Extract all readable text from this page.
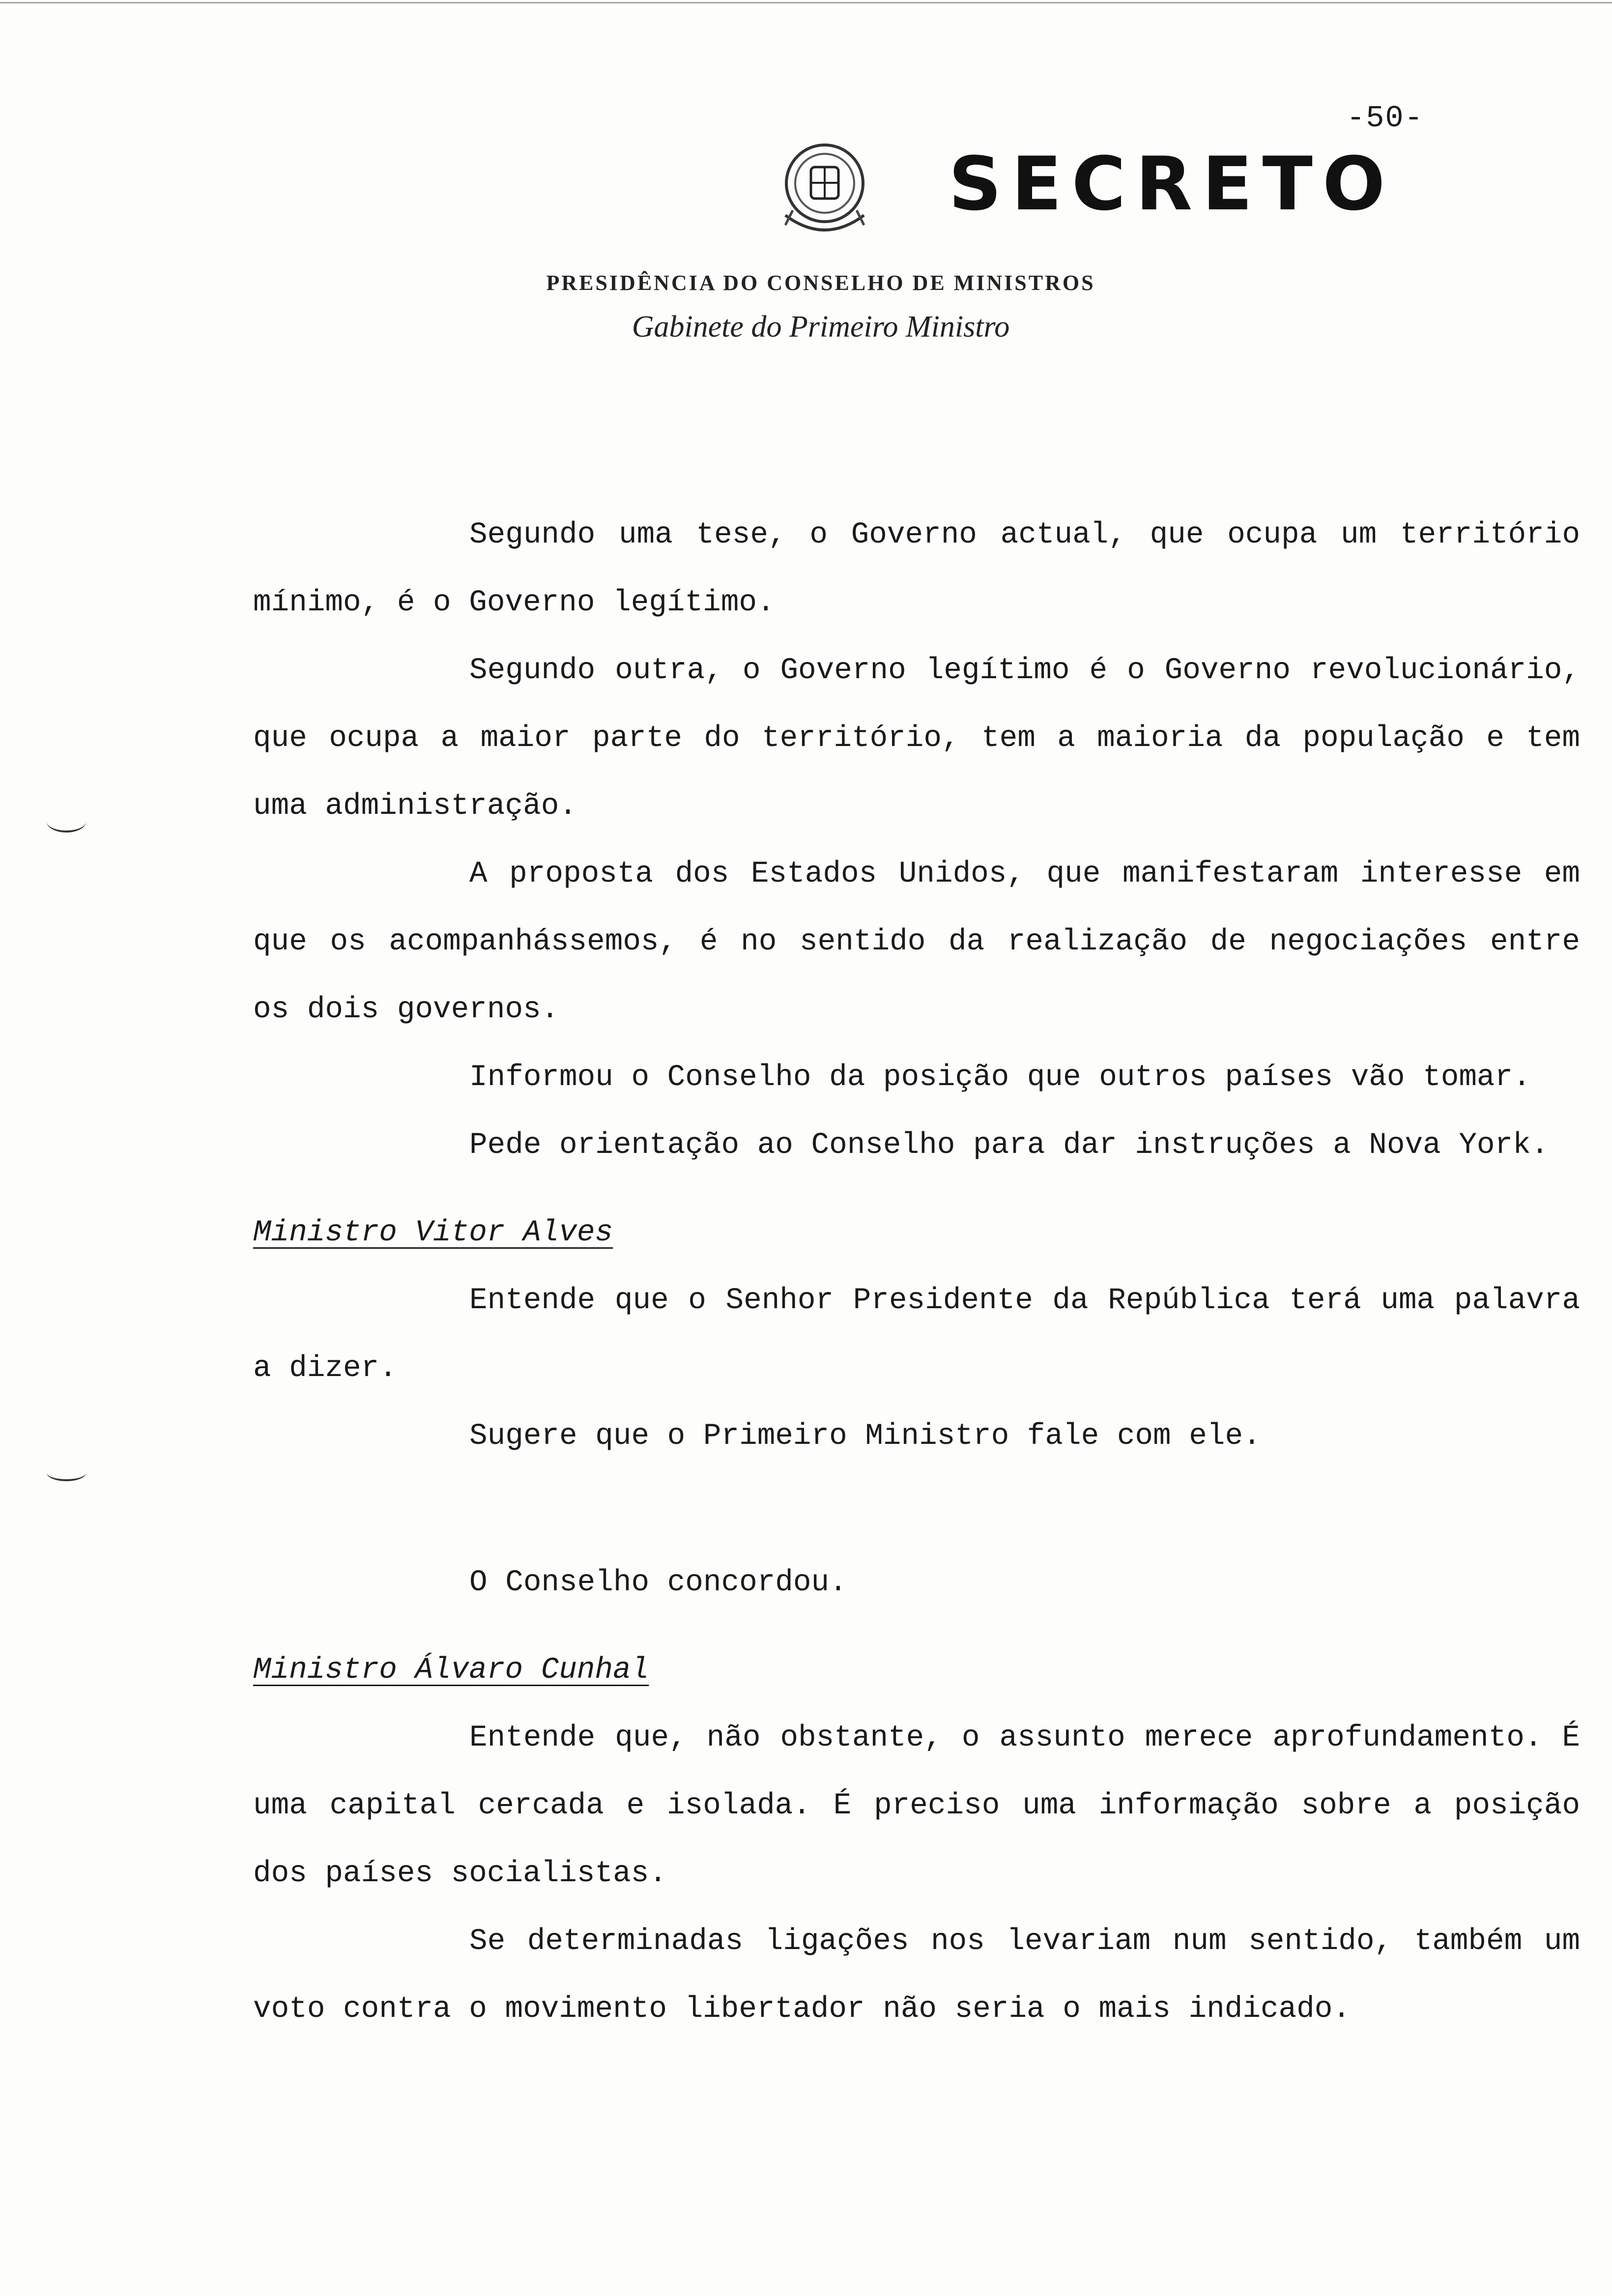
-50-
SECRETO
PRESIDÊNCIA DO CONSELHO DE MINISTROS
Gabinete do Primeiro Ministro

Segundo uma tese, o Governo actual, que ocupa um território mínimo, é o Governo legítimo.

Segundo outra, o Governo legítimo é o Governo revolucionário, que ocupa a maior parte do território, tem a maioria da população e tem uma administração.

A proposta dos Estados Unidos, que manifestaram interesse em que os acompanhássemos, é no sentido da realização de negociações entre os dois governos.

Informou o Conselho da posição que outros países vão tomar.

Pede orientação ao Conselho para dar instruções a Nova York.

Ministro Vitor Alves

Entende que o Senhor Presidente da República terá uma palavra a dizer.

Sugere que o Primeiro Ministro fale com ele.

O Conselho concordou.

Ministro Álvaro Cunhal

Entende que, não obstante, o assunto merece aprofundamento. É uma capital cercada e isolada. É preciso uma informação sobre a posição dos países socialistas.

Se determinadas ligações nos levariam num sentido, também um voto contra o movimento libertador não seria o mais indicado.
